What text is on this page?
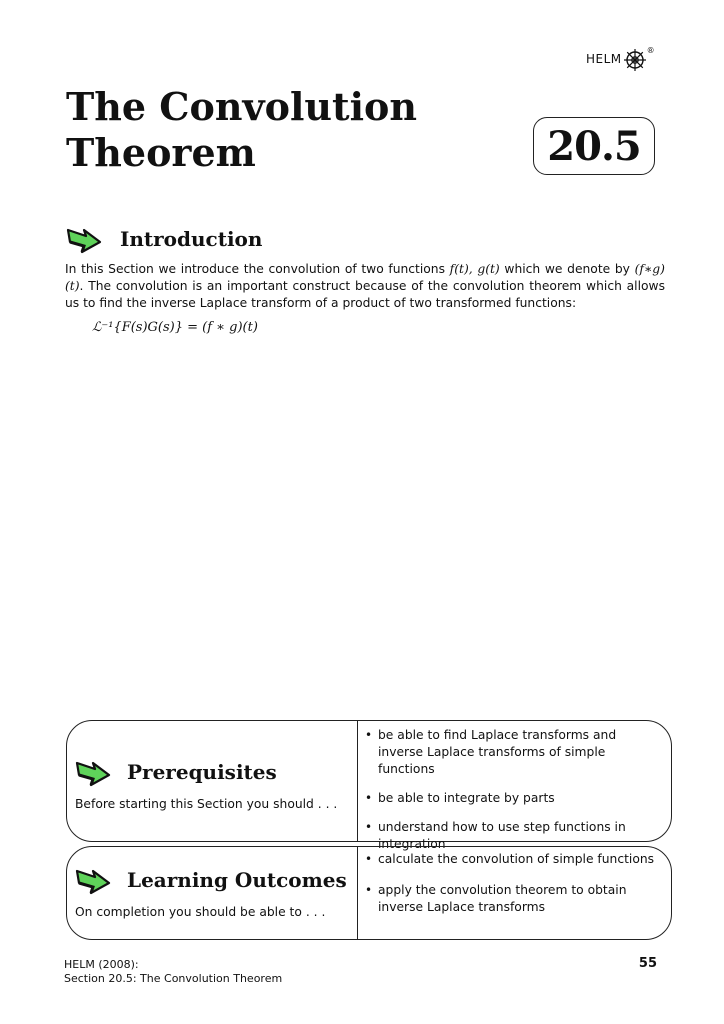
HELM
®
The Convolution
Theorem	20.5
Introduction

In this Section we introduce the convolution of two functions f(t), g(t) which we denote by (f∗g)(t). The convolution is an important construct because of the convolution theorem which allows us to find the inverse Laplace transform of a product of two transformed functions:

ℒ⁻¹{F(s)G(s)} = (f ∗ g)(t)
Prerequisites
Before starting this Section you should . . .
• be able to find Laplace transforms and inverse Laplace transforms of simple functions
• be able to integrate by parts
• understand how to use step functions in integration
Learning Outcomes
On completion you should be able to . . .
• calculate the convolution of simple functions
• apply the convolution theorem to obtain inverse Laplace transforms
HELM (2008):
Section 20.5: The Convolution Theorem
55
